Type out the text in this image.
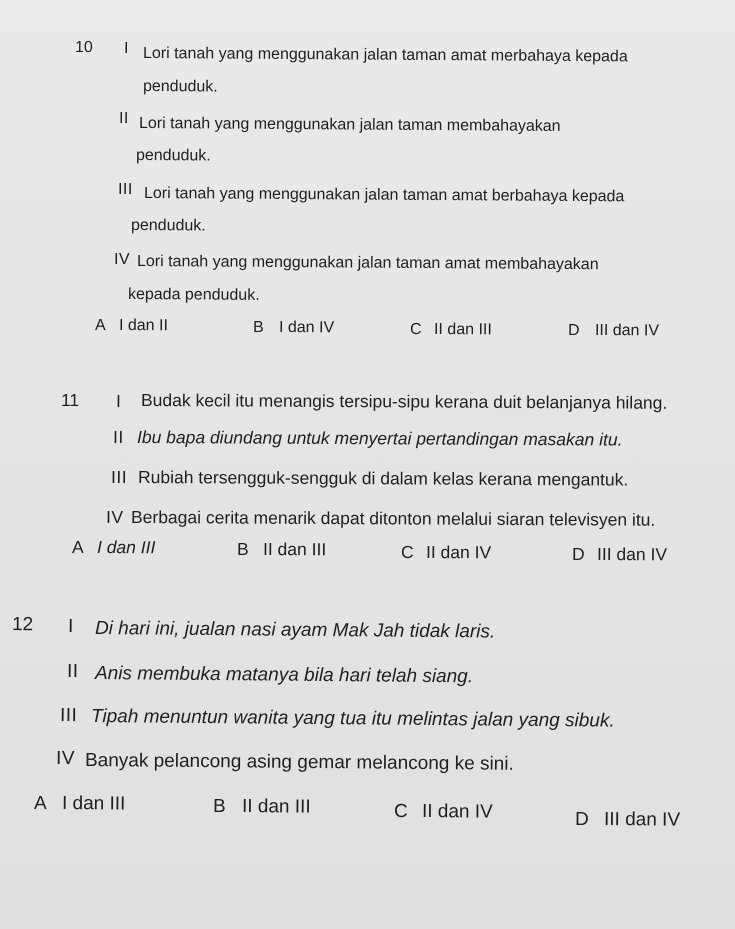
10 I Lori tanah yang menggunakan jalan taman amat merbahaya kepada
penduduk.
II Lori tanah yang menggunakan jalan taman membahayakan
penduduk.
III Lori tanah yang menggunakan jalan taman amat berbahaya kepada
penduduk.
IV Lori tanah yang menggunakan jalan taman amat membahayakan
kepada penduduk.
A I dan II	B I dan IV	C II dan III	D III dan IV
11 I Budak kecil itu menangis tersipu-sipu kerana duit belanjanya hilang.
II Ibu bapa diundang untuk menyertai pertandingan masakan itu.
III Rubiah tersengguk-sengguk di dalam kelas kerana mengantuk.
IV Berbagai cerita menarik dapat ditonton melalui siaran televisyen itu.
A I dan III	B II dan III	C II dan IV	D III dan IV
12 I Di hari ini, jualan nasi ayam Mak Jah tidak laris.
II Anis membuka matanya bila hari telah siang.
III Tipah menuntun wanita yang tua itu melintas jalan yang sibuk.
IV Banyak pelancong asing gemar melancong ke sini.
A I dan III	B II dan III	C II dan IV	D III dan IV
